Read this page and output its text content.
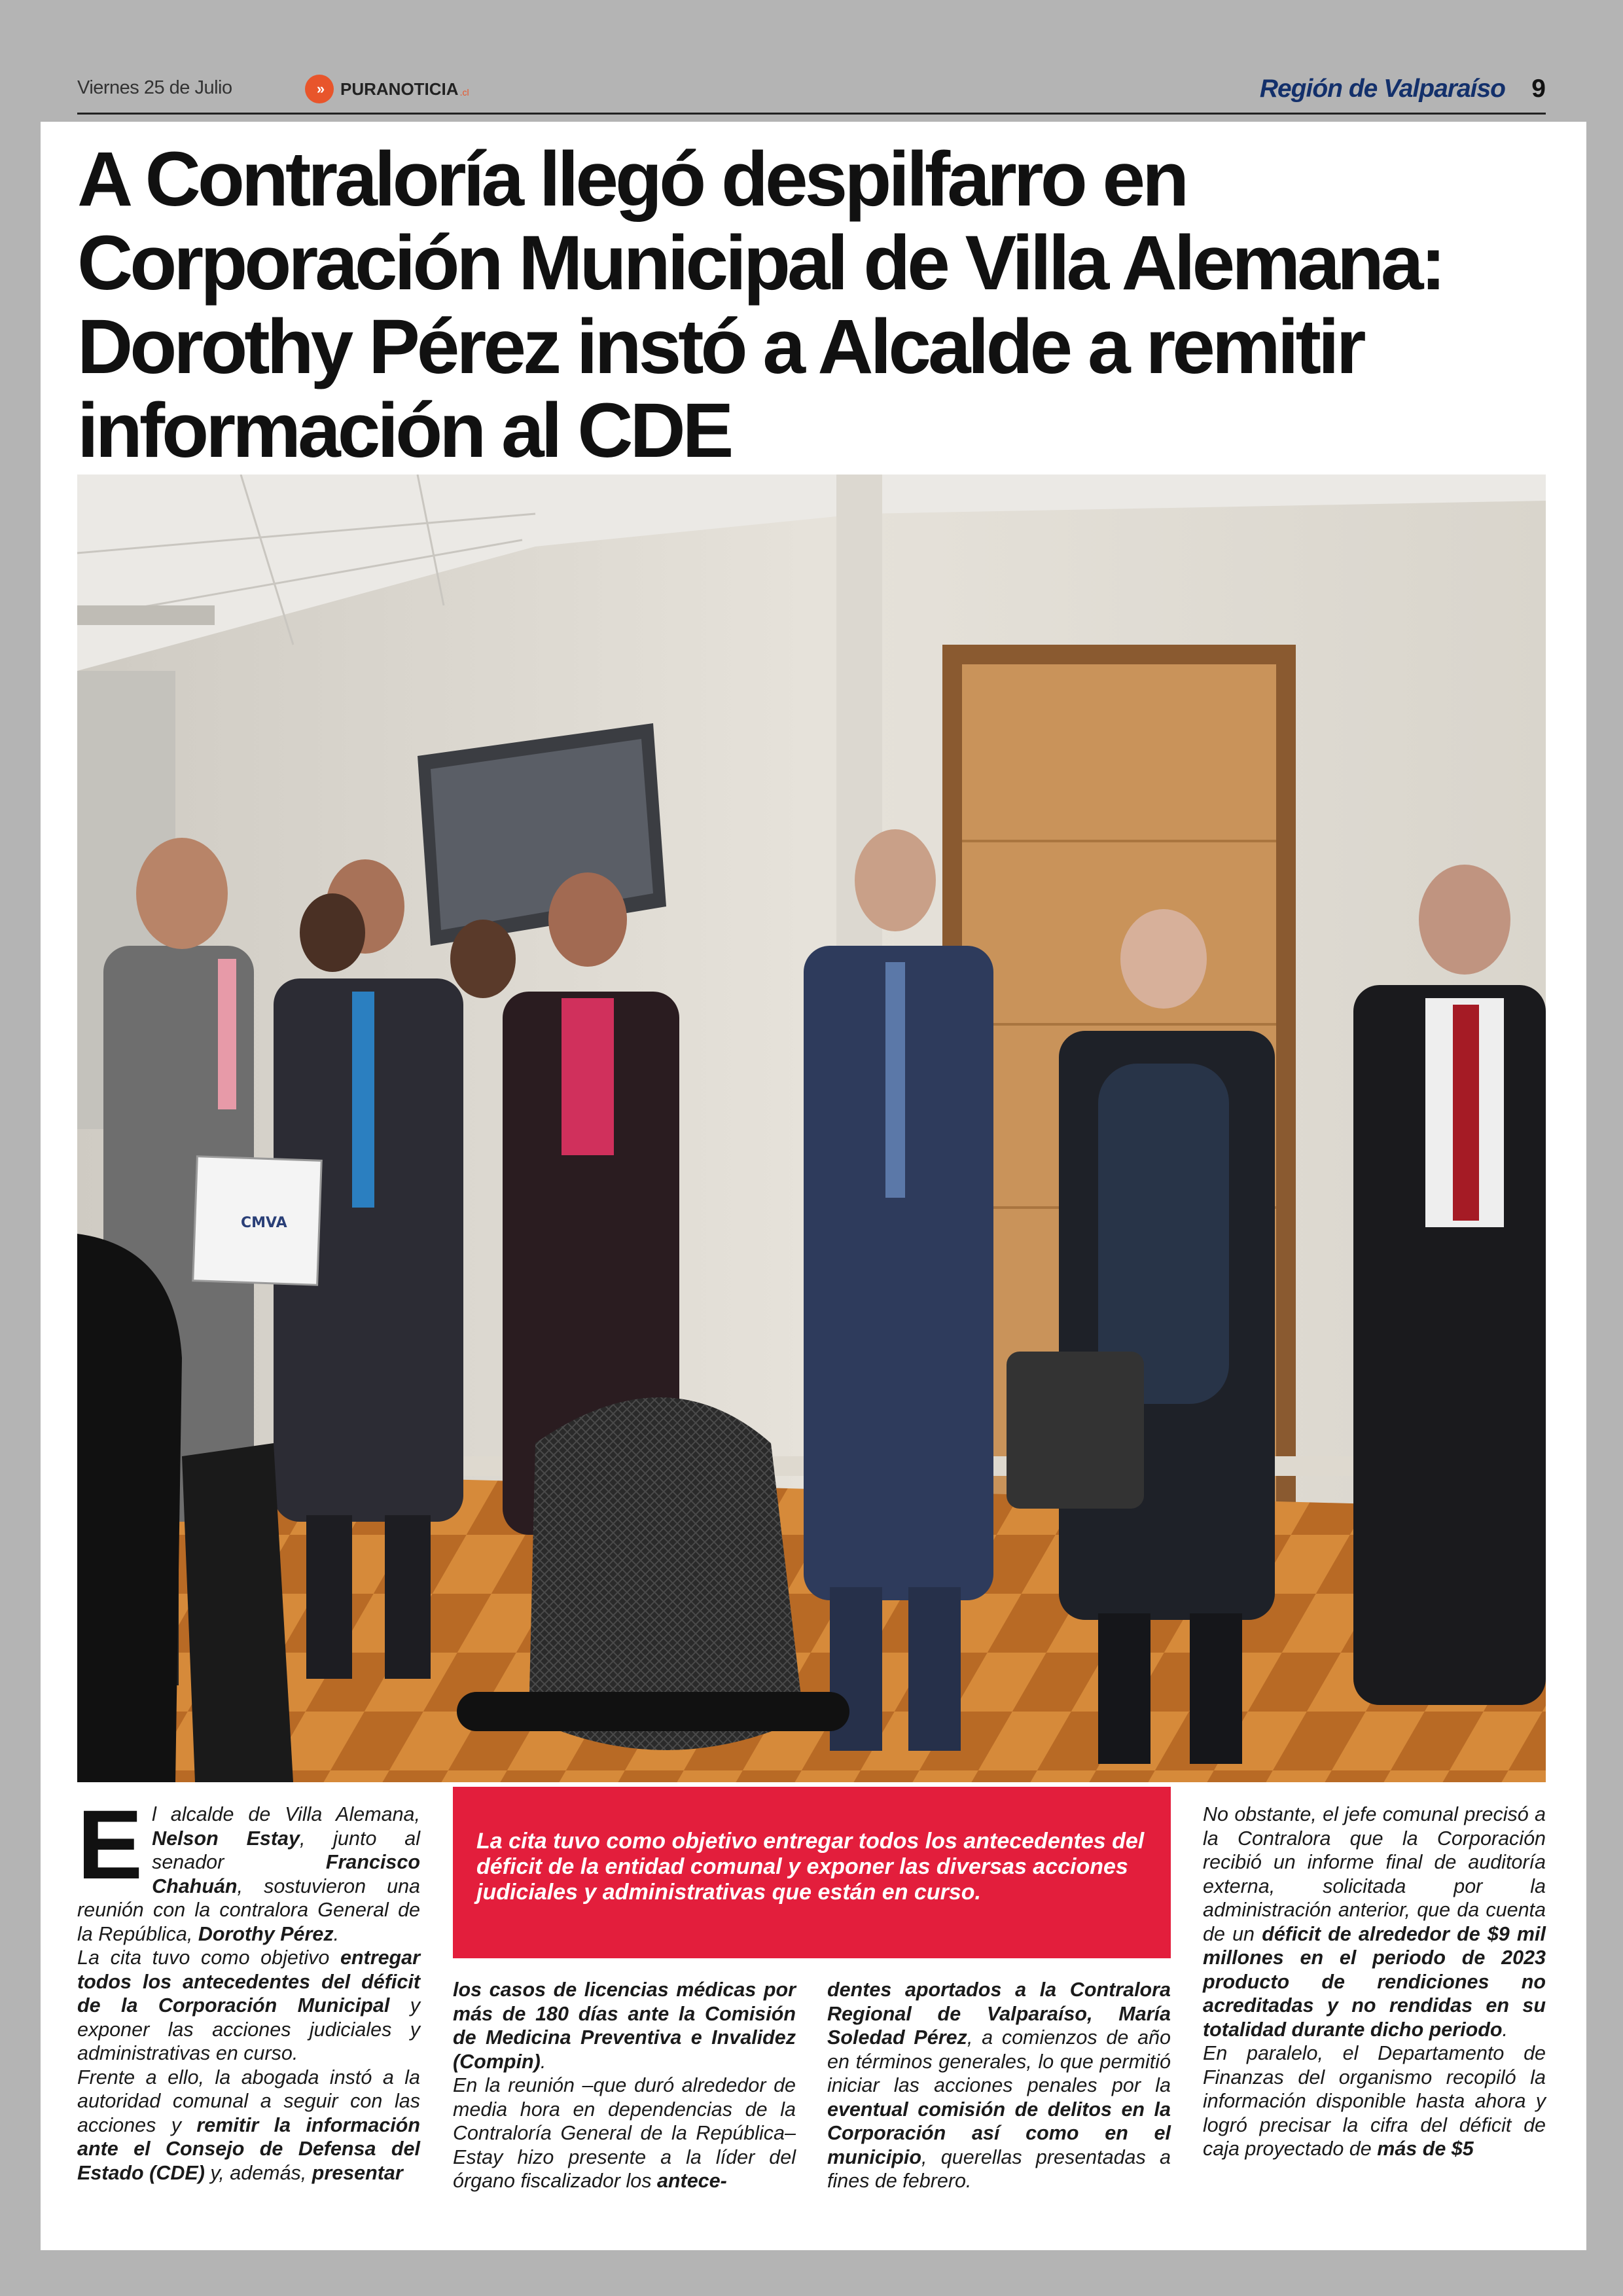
Viernes 25 de Julio	»	PURANOTICIA .cl	Región de Valparaíso 9
A Contraloría llegó despilfarro en Corporación Municipal de Villa Alemana: Dorothy Pérez instó a Alcalde a remitir información al CDE
CMVA
E l alcalde de Villa Alemana, Nelson Estay, junto al senador Francisco Chahuán, sostuvieron una reunión con la contralora General de la República, Dorothy Pérez.

La cita tuvo como objetivo entregar todos los antecedentes del déficit de la Corporación Municipal y exponer las acciones judiciales y administrativas en curso.

Frente a ello, la abogada instó a la autoridad comunal a seguir con las acciones y remitir la información ante el Consejo de Defensa del Estado (CDE) y, además, presentar

La cita tuvo como objetivo entregar todos los antecedentes del déficit de la entidad comunal y exponer las diversas acciones judiciales y administrativas que están en curso.

los casos de licencias médicas por más de 180 días ante la Comisión de Medicina Preventiva e Invalidez (Compin).

En la reunión –que duró alrededor de media hora en dependencias de la Contraloría General de la República– Estay hizo presente a la líder del órgano fiscalizador los antece-

dentes aportados a la Contralora Regional de Valparaíso, María Soledad Pérez, a comienzos de año en términos generales, lo que permitió iniciar las acciones penales por la eventual comisión de delitos en la Corporación así como en el municipio, querellas presentadas a fines de febrero.

No obstante, el jefe comunal precisó a la Contralora que la Corporación recibió un informe final de auditoría externa, solicitada por la administración anterior, que da cuenta de un déficit de alrededor de $9 mil millones en el periodo de 2023 producto de rendiciones no acreditadas y no rendidas en su totalidad durante dicho periodo.

En paralelo, el Departamento de Finanzas del organismo recopiló la información disponible hasta ahora y logró precisar la cifra del déficit de caja proyectado de más de $5
